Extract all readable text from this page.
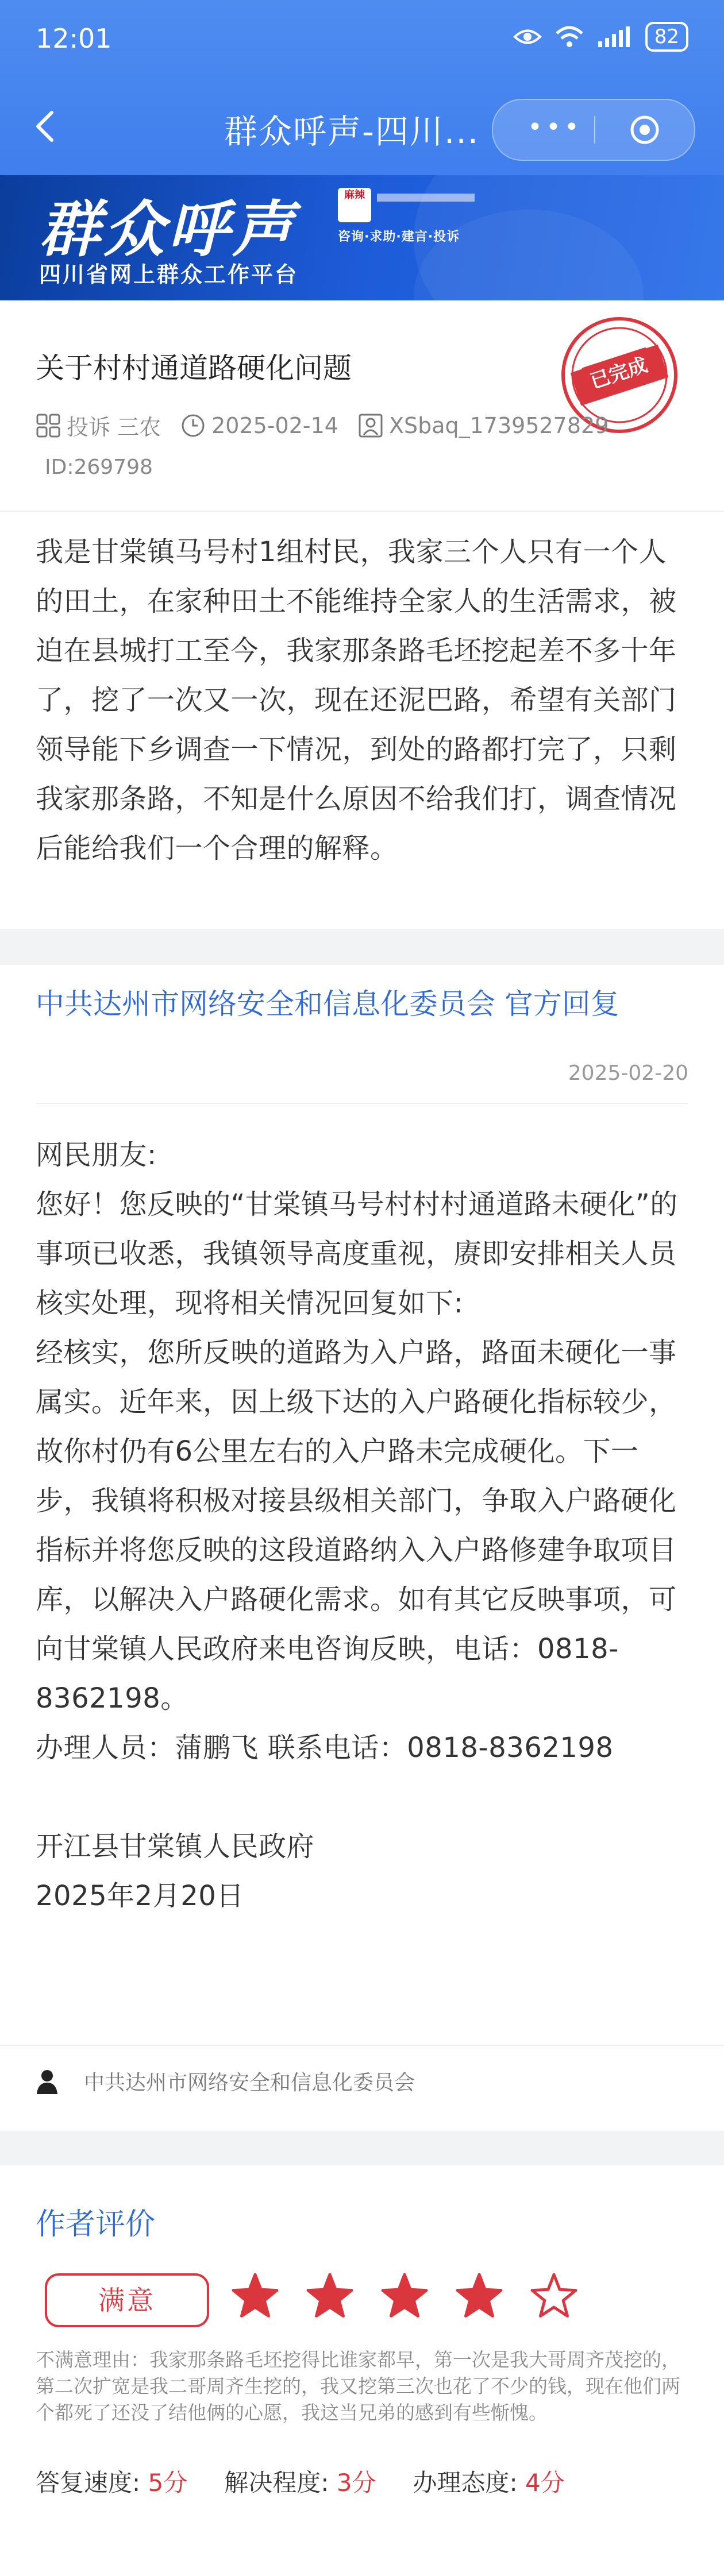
12:01	82
群众呼声-四川... •••
群众呼声
四川省网上群众工作平台
麻辣
咨询·求助·建言·投诉
关于村村通道路硬化问题	已完成
投诉 三农 2025-02-14 XSbaq_1739527829
ID:269798
我是甘棠镇马号村1组村民，我家三个人只有一个人的田土，在家种田土不能维持全家人的生活需求，被迫在县城打工至今，我家那条路毛坯挖起差不多十年了，挖了一次又一次，现在还泥巴路，希望有关部门领导能下乡调查一下情况，到处的路都打完了，只剩我家那条路，不知是什么原因不给我们打，调查情况后能给我们一个合理的解释。
中共达州市网络安全和信息化委员会 官方回复
2025-02-20
网民朋友:
您好！您反映的“甘棠镇马号村村村通道路未硬化”的事项已收悉，我镇领导高度重视，赓即安排相关人员核实处理，现将相关情况回复如下:
经核实，您所反映的道路为入户路，路面未硬化一事属实。近年来，因上级下达的入户路硬化指标较少，故你村仍有6公里左右的入户路未完成硬化。下一步，我镇将积极对接县级相关部门，争取入户路硬化指标并将您反映的这段道路纳入入户路修建争取项目库，以解决入户路硬化需求。如有其它反映事项，可向甘棠镇人民政府来电咨询反映，电话：0818-8362198。
办理人员：蒲鹏飞 联系电话：0818-8362198

开江县甘棠镇人民政府
2025年2月20日
中共达州市网络安全和信息化委员会
作者评价
满意
不满意理由：我家那条路毛坯挖得比谁家都早，第一次是我大哥周齐茂挖的，第二次扩宽是我二哥周齐生挖的，我又挖第三次也花了不少的钱，现在他们两个都死了还没了结他俩的心愿，我这当兄弟的感到有些惭愧。
答复速度: 5分 解决程度: 3分 办理态度: 4分
